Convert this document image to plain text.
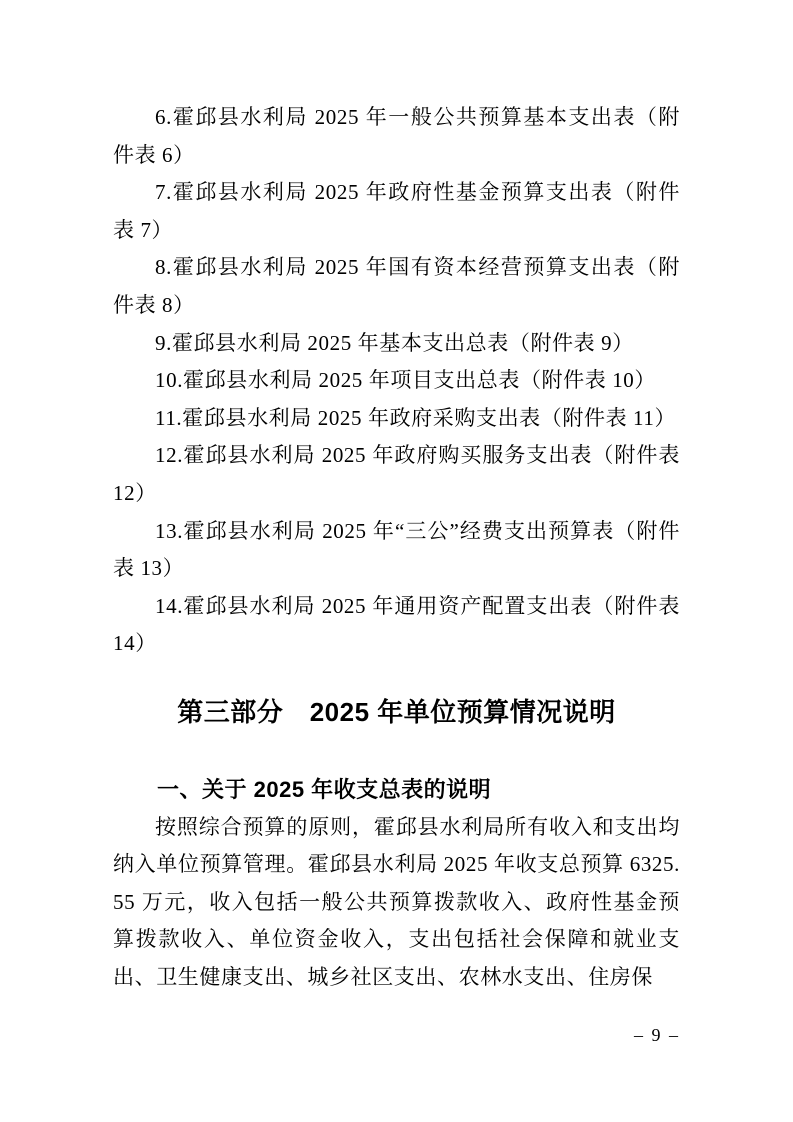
6.霍邱县水利局 2025 年一般公共预算基本支出表（附件表 6）

7.霍邱县水利局 2025 年政府性基金预算支出表（附件表 7）

8.霍邱县水利局 2025 年国有资本经营预算支出表（附件表 8）

9.霍邱县水利局 2025 年基本支出总表（附件表 9）

10.霍邱县水利局 2025 年项目支出总表（附件表 10）

11.霍邱县水利局 2025 年政府采购支出表（附件表 11）

12.霍邱县水利局 2025 年政府购买服务支出表（附件表 12）

13.霍邱县水利局 2025 年“三公”经费支出预算表（附件表 13）

14.霍邱县水利局 2025 年通用资产配置支出表（附件表 14）

第三部分　2025 年单位预算情况说明
一、关于 2025 年收支总表的说明

按照综合预算的原则，霍邱县水利局所有收入和支出均纳入单位预算管理。霍邱县水利局 2025 年收支总预算 6325.55 万元，收入包括一般公共预算拨款收入、政府性基金预算拨款收入、单位资金收入，支出包括社会保障和就业支出、卫生健康支出、城乡社区支出、农林水支出、住房保

– 9 –
